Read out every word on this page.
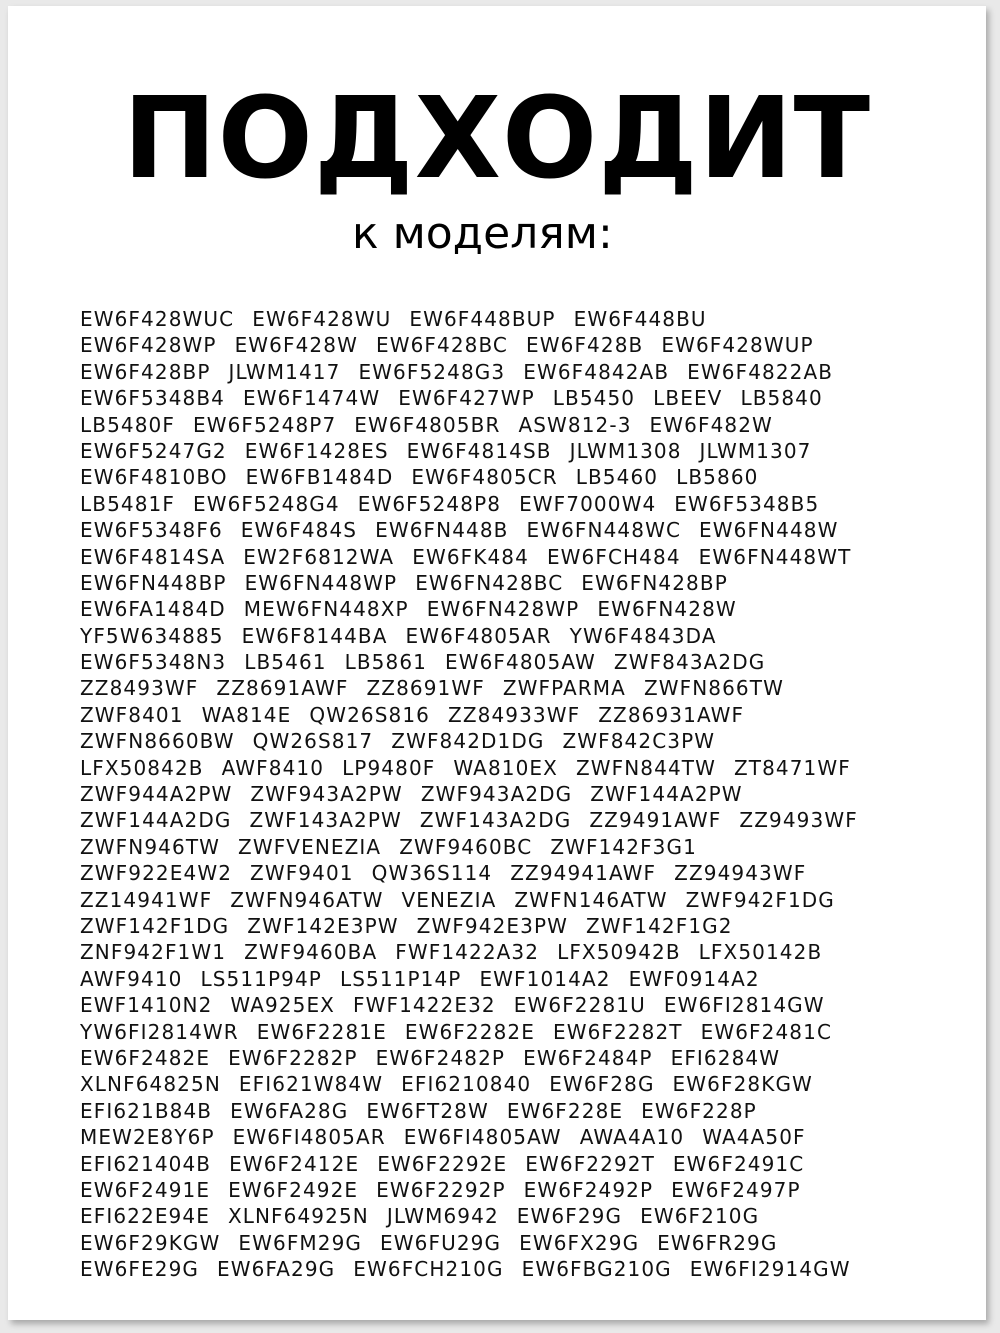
ПОДХОДИТ
к моделям:
EW6F428WUC EW6F428WU EW6F448BUP EW6F448BU
EW6F428WP EW6F428W EW6F428BC EW6F428B EW6F428WUP
EW6F428BP JLWM1417 EW6F5248G3 EW6F4842AB EW6F4822AB
EW6F5348B4 EW6F1474W EW6F427WP LB5450 LBEEV LB5840
LB5480F EW6F5248P7 EW6F4805BR ASW812-3 EW6F482W
EW6F5247G2 EW6F1428ES EW6F4814SB JLWM1308 JLWM1307
EW6F4810BO EW6FB1484D EW6F4805CR LB5460 LB5860
LB5481F EW6F5248G4 EW6F5248P8 EWF7000W4 EW6F5348B5
EW6F5348F6 EW6F484S EW6FN448B EW6FN448WC EW6FN448W
EW6F4814SA EW2F6812WA EW6FK484 EW6FCH484 EW6FN448WT
EW6FN448BP EW6FN448WP EW6FN428BC EW6FN428BP
EW6FA1484D MEW6FN448XP EW6FN428WP EW6FN428W
YF5W634885 EW6F8144BA EW6F4805AR YW6F4843DA
EW6F5348N3 LB5461 LB5861 EW6F4805AW ZWF843A2DG
ZZ8493WF ZZ8691AWF ZZ8691WF ZWFPARMA ZWFN866TW
ZWF8401 WA814E QW26S816 ZZ84933WF ZZ86931AWF
ZWFN8660BW QW26S817 ZWF842D1DG ZWF842C3PW
LFX50842B AWF8410 LP9480F WA810EX ZWFN844TW ZT8471WF
ZWF944A2PW ZWF943A2PW ZWF943A2DG ZWF144A2PW
ZWF144A2DG ZWF143A2PW ZWF143A2DG ZZ9491AWF ZZ9493WF
ZWFN946TW ZWFVENEZIA ZWF9460BC ZWF142F3G1
ZWF922E4W2 ZWF9401 QW36S114 ZZ94941AWF ZZ94943WF
ZZ14941WF ZWFN946ATW VENEZIA ZWFN146ATW ZWF942F1DG
ZWF142F1DG ZWF142E3PW ZWF942E3PW ZWF142F1G2
ZNF942F1W1 ZWF9460BA FWF1422A32 LFX50942B LFX50142B
AWF9410 LS511P94P LS511P14P EWF1014A2 EWF0914A2
EWF1410N2 WA925EX FWF1422E32 EW6F2281U EW6FI2814GW
YW6FI2814WR EW6F2281E EW6F2282E EW6F2282T EW6F2481C
EW6F2482E EW6F2282P EW6F2482P EW6F2484P EFI6284W
XLNF64825N EFI621W84W EFI6210840 EW6F28G EW6F28KGW
EFI621B84B EW6FA28G EW6FT28W EW6F228E EW6F228P
MEW2E8Y6P EW6FI4805AR EW6FI4805AW AWA4A10 WA4A50F
EFI621404B EW6F2412E EW6F2292E EW6F2292T EW6F2491C
EW6F2491E EW6F2492E EW6F2292P EW6F2492P EW6F2497P
EFI622E94E XLNF64925N JLWM6942 EW6F29G EW6F210G
EW6F29KGW EW6FM29G EW6FU29G EW6FX29G EW6FR29G
EW6FE29G EW6FA29G EW6FCH210G EW6FBG210G EW6FI2914GW
